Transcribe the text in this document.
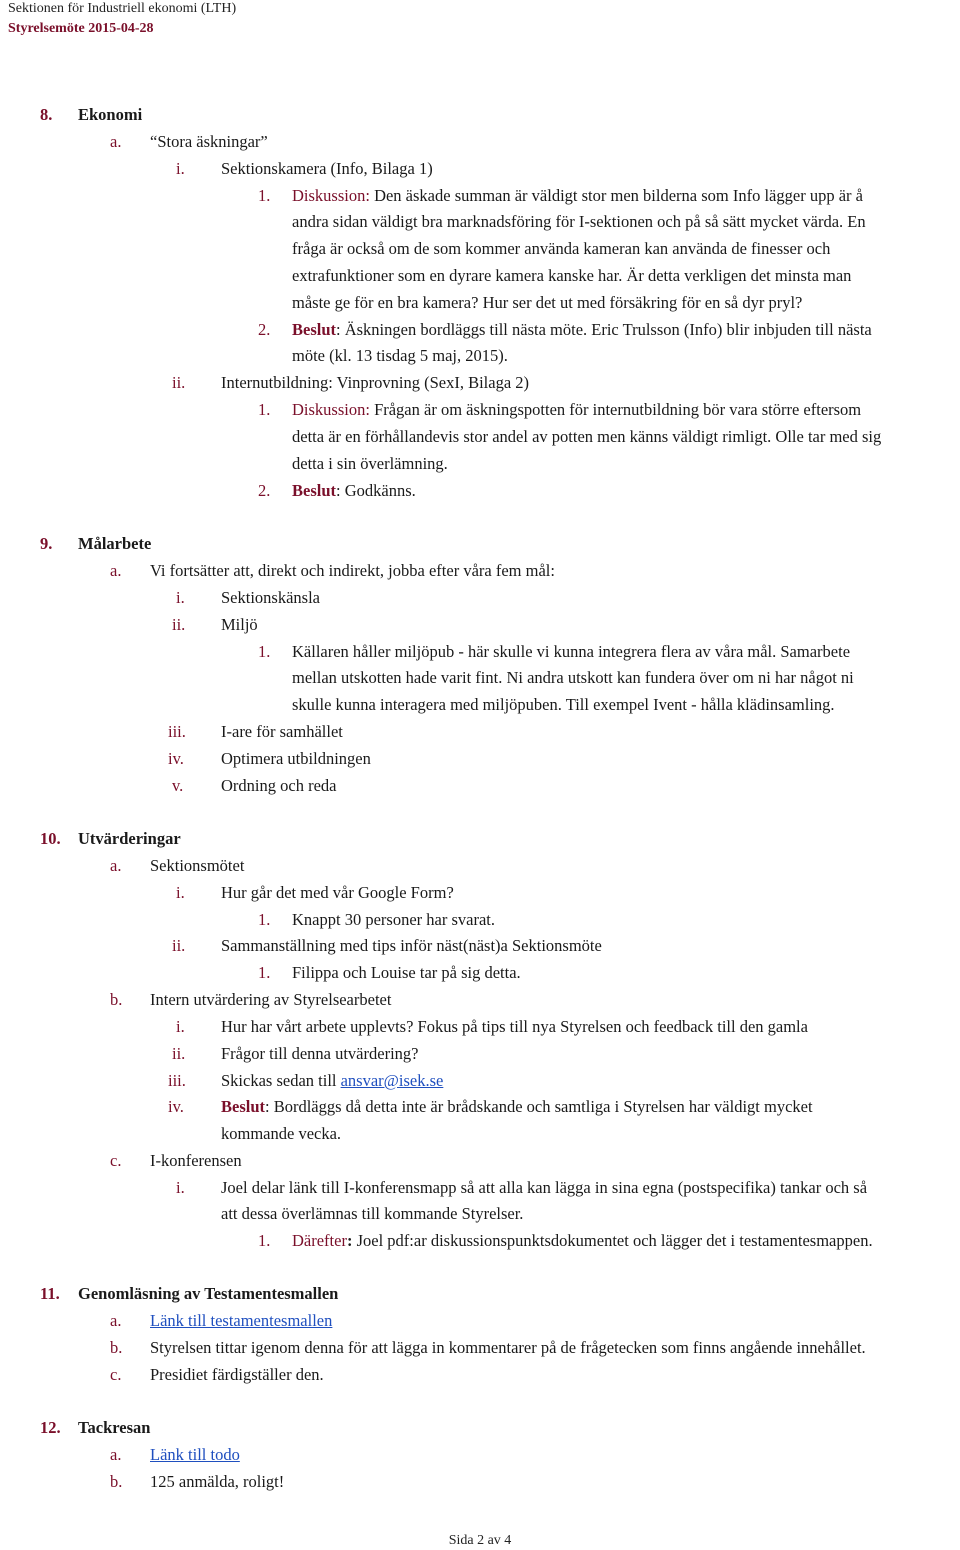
Sektionen för Industriell ekonomi (LTH)
Styrelsemöte 2015-04-28
8. Ekonomi
a. “Stora äskningar”
i. Sektionskamera (Info, Bilaga 1)
1. Diskussion: Den äskade summan är väldigt stor men bilderna som Info lägger upp är å
andra sidan väldigt bra marknadsföring för I-sektionen och på så sätt mycket värda. En
fråga är också om de som kommer använda kameran kan använda de finesser och
extrafunktioner som en dyrare kamera kanske har. Är detta verkligen det minsta man
måste ge för en bra kamera? Hur ser det ut med försäkring för en så dyr pryl?
2. Beslut: Äskningen bordläggs till nästa möte. Eric Trulsson (Info) blir inbjuden till nästa
möte (kl. 13 tisdag 5 maj, 2015).
ii. Internutbildning: Vinprovning (SexI, Bilaga 2)
1. Diskussion: Frågan är om äskningspotten för internutbildning bör vara större eftersom
detta är en förhållandevis stor andel av potten men känns väldigt rimligt. Olle tar med sig
detta i sin överlämning.
2. Beslut: Godkänns.
9. Målarbete
a. Vi fortsätter att, direkt och indirekt, jobba efter våra fem mål:
i. Sektionskänsla
ii. Miljö
1. Källaren håller miljöpub - här skulle vi kunna integrera flera av våra mål. Samarbete
mellan utskotten hade varit fint. Ni andra utskott kan fundera över om ni har något ni
skulle kunna interagera med miljöpuben. Till exempel Ivent - hålla klädinsamling.
iii. I-are för samhället
iv. Optimera utbildningen
v. Ordning och reda
10. Utvärderingar
a. Sektionsmötet
i. Hur går det med vår Google Form?
1. Knappt 30 personer har svarat.
ii. Sammanställning med tips inför näst(näst)a Sektionsmöte
1. Filippa och Louise tar på sig detta.
b. Intern utvärdering av Styrelsearbetet
i. Hur har vårt arbete upplevts? Fokus på tips till nya Styrelsen och feedback till den gamla
ii. Frågor till denna utvärdering?
iii. Skickas sedan till ansvar@isek.se
iv. Beslut: Bordläggs då detta inte är brådskande och samtliga i Styrelsen har väldigt mycket
kommande vecka.
c. I-konferensen
i. Joel delar länk till I-konferensmapp så att alla kan lägga in sina egna (postspecifika) tankar och så
att dessa överlämnas till kommande Styrelser.
1. Därefter: Joel pdf:ar diskussionspunktsdokumentet och lägger det i testamentesmappen.
11. Genomläsning av Testamentesmallen
a. Länk till testamentesmallen
b. Styrelsen tittar igenom denna för att lägga in kommentarer på de frågetecken som finns angående innehållet.
c. Presidiet färdigställer den.
12. Tackresan
a. Länk till todo
b. 125 anmälda, roligt!
Sida 2 av 4
